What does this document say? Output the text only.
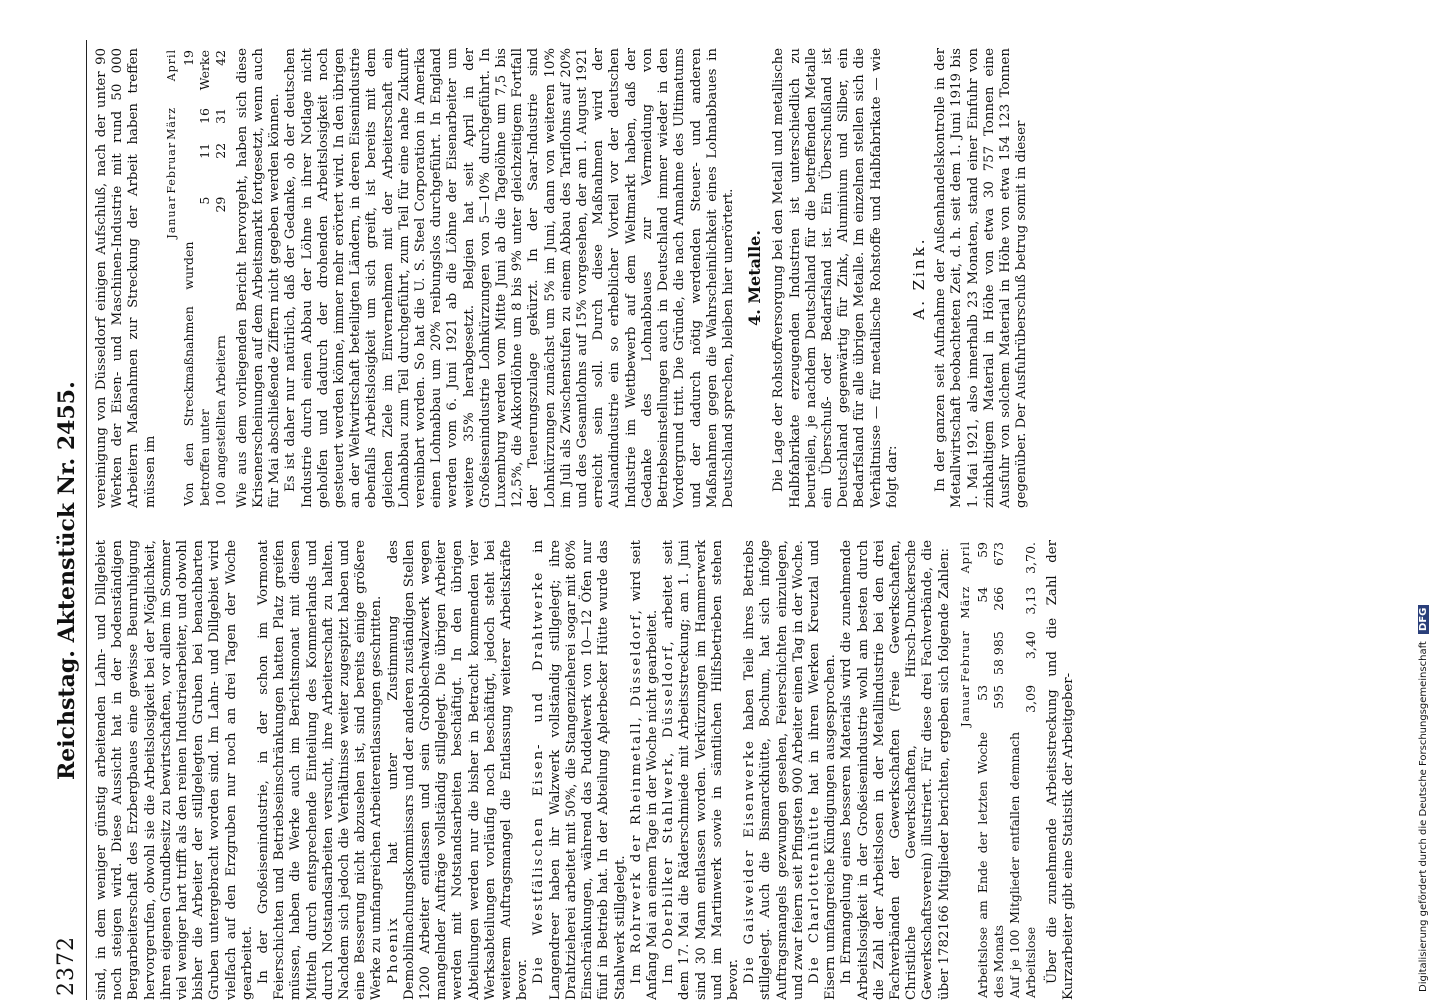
2372
Reichstag. Aktenstück Nr. 2455. sind, in dem weniger günstig arbeitenden Lahn- und Dillgebiet noch steigen wird. Diese Aussicht hat in der bodenständigen Bergarbeiterschaft des Erzbergbaues eine gewisse Beunruhigung hervorgerufen, obwohl sie die Arbeitslosigkeit bei der Möglichkeit, ihren eigenen Grundbesitz zu bewirtschaften, vor allem im Sommer viel weniger hart trifft als den reinen Industriearbeiter, und obwohl bisher die Arbeiter der stillgelegten Gruben bei benachbarten Gruben untergebracht worden sind. Im Lahn- und Dillgebiet wird vielfach auf den Erzgruben nur noch an drei Tagen der Woche gearbeitet. In der Großeisenindustrie, in der schon im Vormonat Feierschichten und Betriebseinschränkungen hatten Platz greifen müssen, haben die Werke auch im Berichtsmonat mit diesen Mitteln durch entsprechende Einteilung des Kommerlands und durch Notstandsarbeiten versucht, ihre Arbeiterschaft zu halten. Nachdem sich jedoch die Verhältnisse weiter zugespitzt haben und eine Besserung nicht abzusehen ist, sind bereits einige größere Werke zu umfangreichen Arbeiterentlassungen geschritten. Phoenix hat unter Zustimmung des Demobilmachungskommissars und der anderen zuständigen Stellen 1200 Arbeiter entlassen und sein Grobblechwalzwerk wegen mangelnder Aufträge vollständig stillgelegt. Die übrigen Arbeiter werden mit Notstandsarbeiten beschäftigt. In den übrigen Abteilungen werden nur die bisher in Betracht kommenden vier Werksabteilungen vorläufig noch beschäftigt, jedoch steht bei weiterem Auftragsmangel die Entlassung weiterer Arbeitskräfte bevor. Die Westfälischen Eisen- und Drahtwerke in Langendreer haben ihr Walzwerk vollständig stillgelegt; ihre Drahtzieherei arbeitet mit 50%, die Stangenzieherei sogar mit 80% Einschränkungen, während das Puddelwerk von 10—12 Öfen nur fünf in Betrieb hat. In der Abteilung Aplerbecker Hütte wurde das Stahlwerk stillgelegt. Im Rohrwerk der Rheinmetall, Düsseldorf, wird seit Anfang Mai an einem Tage in der Woche nicht gearbeitet. Im Oberbilker Stahlwerk, Düsseldorf, arbeitet seit dem 17. Mai die Räderschmiede mit Arbeitsstreckung; am 1. Juni sind 30 Mann entlassen worden. Verkürzungen im Hammerwerk und im Martinwerk sowie in sämtlichen Hilfsbetrieben stehen bevor. Die Gaisweider Eisenwerke haben Teile ihres Betriebs stillgelegt. Auch die Bismarckhütte, Bochum, hat sich infolge Auftragsmangels gezwungen gesehen, Feierschichten einzulegen, und zwar feiern seit Pfingsten 900 Arbeiter einen Tag in der Woche. Die Charlottenhütte hat in ihren Werken Kreuztal und Eisern umfangreiche Kündigungen ausgesprochen. In Ermangelung eines besseren Materials wird die zunehmende Arbeitslosigkeit in der Großeisenindustrie wohl am besten durch die Zahl der Arbeitslosen in der Metallindustrie bei den drei Fachverbänden der Gewerkschaften (Freie Gewerkschaften, Christliche Gewerkschaften, Hirsch-Dunckersche Gewerkschaftsverein) illustriert. Für diese drei Fachverbände, die über 1782166 Mitglieder berichten, ergeben sich folgende Zahlen:

	Januar	Februar	März	April
Arbeitslose am Ende der letzten Woche des Monats	53 595	58 985	54 266	59 673
Auf je 100 Mitglieder entfallen demnach Arbeitslose	3,09	3,40	3,13	3,70. Über die zunehmende Arbeitsstreckung und die Zahl der Kurzarbeiter gibt eine Statistik der Arbeitgeber-

vereinigung von Düsseldorf einigen Aufschluß, nach der unter 90 Werken der Eisen- und Maschinen-Industrie mit rund 50 000 Arbeitern Maßnahmen zur Streckung der Arbeit haben treffen müssen im

	Januar	Februar	März	April
Von den Streckmaßnahmen wurden betroffen unter	5	11	16	19 Werke
100 angestellten Arbeitern	29	22	31	42 Wie aus dem vorliegenden Bericht hervorgeht, haben sich diese Krisenerscheinungen auf dem Arbeitsmarkt fortgesetzt, wenn auch für Mai abschließende Ziffern nicht gegeben werden können. Es ist daher nur natürlich, daß der Gedanke, ob der deutschen Industrie durch einen Abbau der Löhne in ihrer Notlage nicht geholfen und dadurch der drohenden Arbeitslosigkeit noch gesteuert werden könne, immer mehr erörtert wird. In den übrigen an der Weltwirtschaft beteiligten Ländern, in deren Eisenindustrie ebenfalls Arbeitslosigkeit um sich greift, ist bereits mit dem gleichen Ziele im Einvernehmen mit der Arbeiterschaft ein Lohnabbau zum Teil durchgeführt, zum Teil für eine nahe Zukunft vereinbart worden. So hat die U. S. Steel Corporation in Amerika einen Lohnabbau um 20% reibungslos durchgeführt. In England werden vom 6. Juni 1921 ab die Löhne der Eisenarbeiter um weitere 35% herabgesetzt. Belgien hat seit April in der Großeisenindustrie Lohnkürzungen von 5—10% durchgeführt. In Luxemburg werden vom Mitte Juni ab die Tagelöhne um 7,5 bis 12,5%, die Akkordlöhne um 8 bis 9% unter gleichzeitigem Fortfall der Teuerungszulage gekürzt. In der Saar-Industrie sind Lohnkürzungen zunächst um 5% im Juni, dann von weiteren 10% im Juli als Zwischenstufen zu einem Abbau des Tariflohns auf 20% und des Gesamtlohns auf 15% vorgesehen, der am 1. August 1921 erreicht sein soll. Durch diese Maßnahmen wird der Auslandindustrie ein so erheblicher Vorteil vor der deutschen Industrie im Wettbewerb auf dem Weltmarkt haben, daß der Gedanke des Lohnabbaues zur Vermeidung von Betriebseinstellungen auch in Deutschland immer wieder in den Vordergrund tritt. Die Gründe, die nach Annahme des Ultimatums und der dadurch nötig werdenden Steuer- und anderen Maßnahmen gegen die Wahrscheinlichkeit eines Lohnabbaues in Deutschland sprechen, bleiben hier unerörtert. 4. Metalle. Die Lage der Rohstoffversorgung bei den Metall und metallische Halbfabrikate erzeugenden Industrien ist unterschiedlich zu beurteilen, je nachdem Deutschland für die betreffenden Metalle ein Überschuß- oder Bedarfsland ist. Ein Überschußland ist Deutschland gegenwärtig für Zink, Aluminium und Silber, ein Bedarfsland für alle übrigen Metalle. Im einzelnen stellen sich die Verhältnisse — für metallische Rohstoffe und Halbfabrikate — wie folgt dar:

A. Zink. In der ganzen seit Aufnahme der Außenhandelskontrolle in der Metallwirtschaft beobachteten Zeit, d. h. seit dem 1. Juni 1919 bis 1. Mai 1921, also innerhalb 23 Monaten, stand einer Einfuhr von zinkhaltigem Material in Höhe von etwa 30 757 Tonnen eine Ausfuhr von solchem Material in Höhe von etwa 154 123 Tonnen gegenüber. Der Ausfuhrüberschuß betrug somit in dieser

Digitalisierung gefördert durch die Deutsche Forschungsgemeinschaft DFG
